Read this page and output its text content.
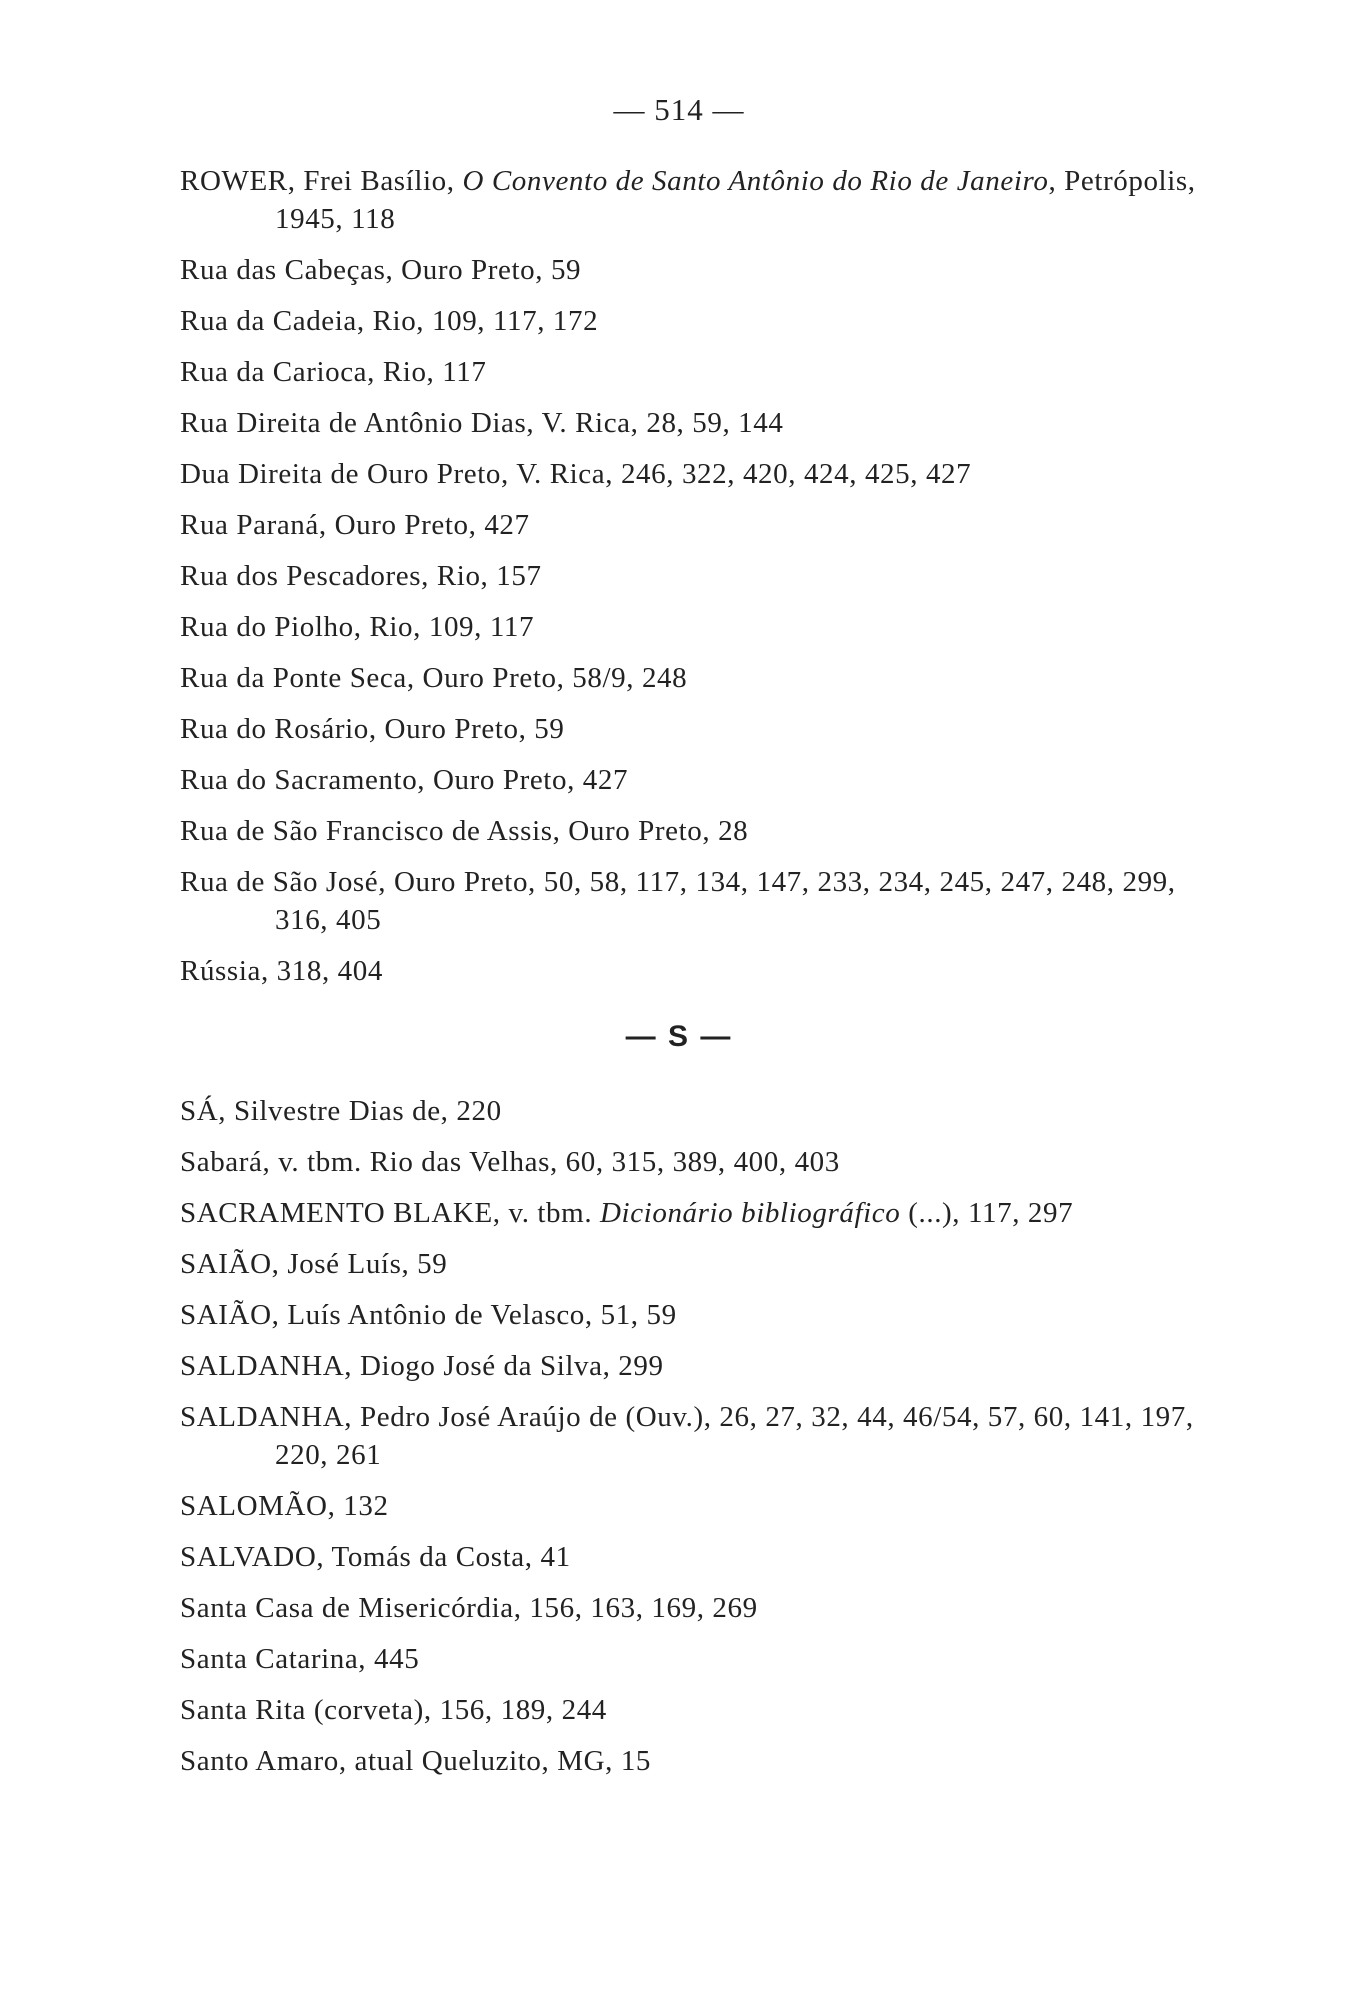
— 514 —

ROWER, Frei Basílio, O Convento de Santo Antônio do Rio de Janeiro, Petrópolis, 1945, 118

Rua das Cabeças, Ouro Preto, 59

Rua da Cadeia, Rio, 109, 117, 172

Rua da Carioca, Rio, 117

Rua Direita de Antônio Dias, V. Rica, 28, 59, 144

Dua Direita de Ouro Preto, V. Rica, 246, 322, 420, 424, 425, 427

Rua Paraná, Ouro Preto, 427

Rua dos Pescadores, Rio, 157

Rua do Piolho, Rio, 109, 117

Rua da Ponte Seca, Ouro Preto, 58/9, 248

Rua do Rosário, Ouro Preto, 59

Rua do Sacramento, Ouro Preto, 427

Rua de São Francisco de Assis, Ouro Preto, 28

Rua de São José, Ouro Preto, 50, 58, 117, 134, 147, 233, 234, 245, 247, 248, 299, 316, 405

Rússia, 318, 404

— S —

SÁ, Silvestre Dias de, 220

Sabará, v. tbm. Rio das Velhas, 60, 315, 389, 400, 403

SACRAMENTO BLAKE, v. tbm. Dicionário bibliográfico (...), 117, 297

SAIÃO, José Luís, 59

SAIÃO, Luís Antônio de Velasco, 51, 59

SALDANHA, Diogo José da Silva, 299

SALDANHA, Pedro José Araújo de (Ouv.), 26, 27, 32, 44, 46/54, 57, 60, 141, 197, 220, 261

SALOMÃO, 132

SALVADO, Tomás da Costa, 41

Santa Casa de Misericórdia, 156, 163, 169, 269

Santa Catarina, 445

Santa Rita (corveta), 156, 189, 244

Santo Amaro, atual Queluzito, MG, 15
